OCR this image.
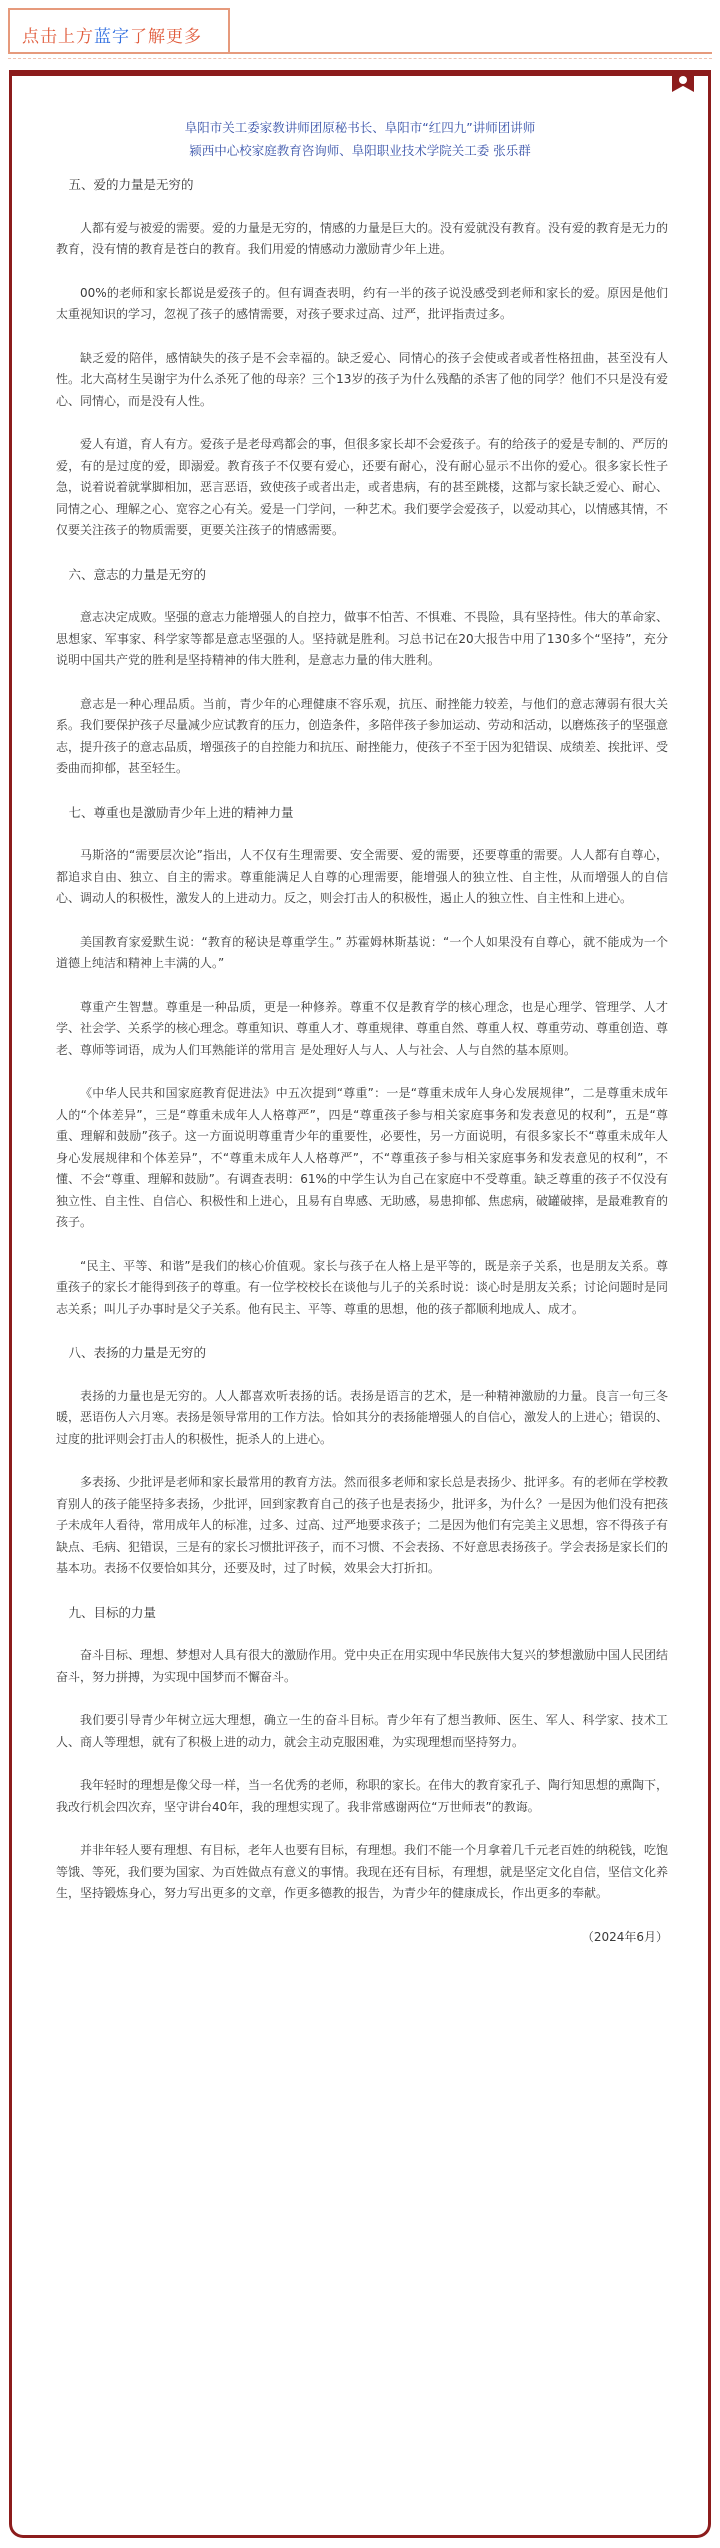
点击上方蓝字了解更多
阜阳市关工委家教讲师团原秘书长、阜阳市“红四九”讲师团讲师
颍西中心校家庭教育咨询师、阜阳职业技术学院关工委 张乐群
五、爱的力量是无穷的

人都有爱与被爱的需要。爱的力量是无穷的，情感的力量是巨大的。没有爱就没有教育。没有爱的教育是无力的教育，没有情的教育是苍白的教育。我们用爱的情感动力激励青少年上进。

00%的老师和家长都说是爱孩子的。但有调查表明，约有一半的孩子说没感受到老师和家长的爱。原因是他们太重视知识的学习，忽视了孩子的感情需要，对孩子要求过高、过严，批评指责过多。

缺乏爱的陪伴，感情缺失的孩子是不会幸福的。缺乏爱心、同情心的孩子会使或者或者性格扭曲，甚至没有人性。北大高材生吴谢宇为什么杀死了他的母亲？三个13岁的孩子为什么残酷的杀害了他的同学？他们不只是没有爱心、同情心，而是没有人性。

爱人有道，育人有方。爱孩子是老母鸡都会的事，但很多家长却不会爱孩子。有的给孩子的爱是专制的、严厉的爱，有的是过度的爱，即溺爱。教育孩子不仅要有爱心，还要有耐心，没有耐心显示不出你的爱心。很多家长性子急，说着说着就掌脚相加，恶言恶语，致使孩子或者出走，或者患病，有的甚至跳楼，这都与家长缺乏爱心、耐心、同情之心、理解之心、宽容之心有关。爱是一门学问，一种艺术。我们要学会爱孩子，以爱动其心，以情感其情，不仅要关注孩子的物质需要，更要关注孩子的情感需要。

六、意志的力量是无穷的

意志决定成败。坚强的意志力能增强人的自控力，做事不怕苦、不惧难、不畏险，具有坚持性。伟大的革命家、思想家、军事家、科学家等都是意志坚强的人。坚持就是胜利。习总书记在20大报告中用了130多个“坚持”，充分说明中国共产党的胜利是坚持精神的伟大胜利，是意志力量的伟大胜利。

意志是一种心理品质。当前，青少年的心理健康不容乐观，抗压、耐挫能力较差，与他们的意志薄弱有很大关系。我们要保护孩子尽量减少应试教育的压力，创造条件，多陪伴孩子参加运动、劳动和活动，以磨炼孩子的坚强意志，提升孩子的意志品质，增强孩子的自控能力和抗压、耐挫能力，使孩子不至于因为犯错误、成绩差、挨批评、受委曲而抑郁，甚至轻生。

七、尊重也是激励青少年上进的精神力量

马斯洛的“需要层次论”指出，人不仅有生理需要、安全需要、爱的需要，还要尊重的需要。人人都有自尊心，都追求自由、独立、自主的需求。尊重能满足人自尊的心理需要，能增强人的独立性、自主性，从而增强人的自信心、调动人的积极性，激发人的上进动力。反之，则会打击人的积极性，遏止人的独立性、自主性和上进心。

美国教育家爱默生说：“教育的秘诀是尊重学生。” 苏霍姆林斯基说：“一个人如果没有自尊心，就不能成为一个道德上纯洁和精神上丰满的人。”

尊重产生智慧。尊重是一种品质，更是一种修养。尊重不仅是教育学的核心理念，也是心理学、管理学、人才学、社会学、关系学的核心理念。尊重知识、尊重人才、尊重规律、尊重自然、尊重人权、尊重劳动、尊重创造、尊老、尊师等词语，成为人们耳熟能详的常用言 是处理好人与人、人与社会、人与自然的基本原则。

《中华人民共和国家庭教育促进法》中五次提到“尊重”：一是“尊重未成年人身心发展规律”，二是尊重未成年人的“个体差异”，三是“尊重未成年人人格尊严”，四是“尊重孩子参与相关家庭事务和发表意见的权利”，五是“尊重、理解和鼓励”孩子。这一方面说明尊重青少年的重要性，必要性，另一方面说明，有很多家长不“尊重未成年人身心发展规律和个体差异”，不“尊重未成年人人格尊严”，不“尊重孩子参与相关家庭事务和发表意见的权利”，不懂、不会“尊重、理解和鼓励”。有调查表明：61%的中学生认为自己在家庭中不受尊重。缺乏尊重的孩子不仅没有独立性、自主性、自信心、积极性和上进心，且易有自卑感、无助感，易患抑郁、焦虑病，破罐破摔，是最难教育的孩子。

“民主、平等、和谐”是我们的核心价值观。家长与孩子在人格上是平等的，既是亲子关系，也是朋友关系。尊重孩子的家长才能得到孩子的尊重。有一位学校校长在谈他与儿子的关系时说：谈心时是朋友关系；讨论问题时是同志关系；叫儿子办事时是父子关系。他有民主、平等、尊重的思想，他的孩子都顺利地成人、成才。

八、表扬的力量是无穷的

表扬的力量也是无穷的。人人都喜欢听表扬的话。表扬是语言的艺术，是一种精神激励的力量。良言一句三冬暖，恶语伤人六月寒。表扬是领导常用的工作方法。恰如其分的表扬能增强人的自信心，激发人的上进心；错误的、过度的批评则会打击人的积极性，扼杀人的上进心。

多表扬、少批评是老师和家长最常用的教育方法。然而很多老师和家长总是表扬少、批评多。有的老师在学校教育别人的孩子能坚持多表扬，少批评，回到家教育自己的孩子也是表扬少，批评多，为什么？一是因为他们没有把孩子未成年人看待，常用成年人的标准，过多、过高、过严地要求孩子；二是因为他们有完美主义思想，容不得孩子有缺点、毛病、犯错误，三是有的家长习惯批评孩子，而不习惯、不会表扬、不好意思表扬孩子。学会表扬是家长们的基本功。表扬不仅要恰如其分，还要及时，过了时候，效果会大打折扣。

九、目标的力量

奋斗目标、理想、梦想对人具有很大的激励作用。党中央正在用实现中华民族伟大复兴的梦想激励中国人民团结奋斗，努力拼搏，为实现中国梦而不懈奋斗。

我们要引导青少年树立远大理想，确立一生的奋斗目标。青少年有了想当教师、医生、军人、科学家、技术工人、商人等理想，就有了积极上进的动力，就会主动克服困难，为实现理想而坚持努力。

我年轻时的理想是像父母一样，当一名优秀的老师，称职的家长。在伟大的教育家孔子、陶行知思想的熏陶下，我改行机会四次弃，坚守讲台40年，我的理想实现了。我非常感谢两位“万世师表”的教诲。

并非年轻人要有理想、有目标，老年人也要有目标，有理想。我们不能一个月拿着几千元老百姓的纳税钱，吃饱等饿、等死，我们要为国家、为百姓做点有意义的事情。我现在还有目标，有理想，就是坚定文化自信，坚信文化养生，坚持锻炼身心，努力写出更多的文章，作更多德教的报告，为青少年的健康成长，作出更多的奉献。

（2024年6月）
